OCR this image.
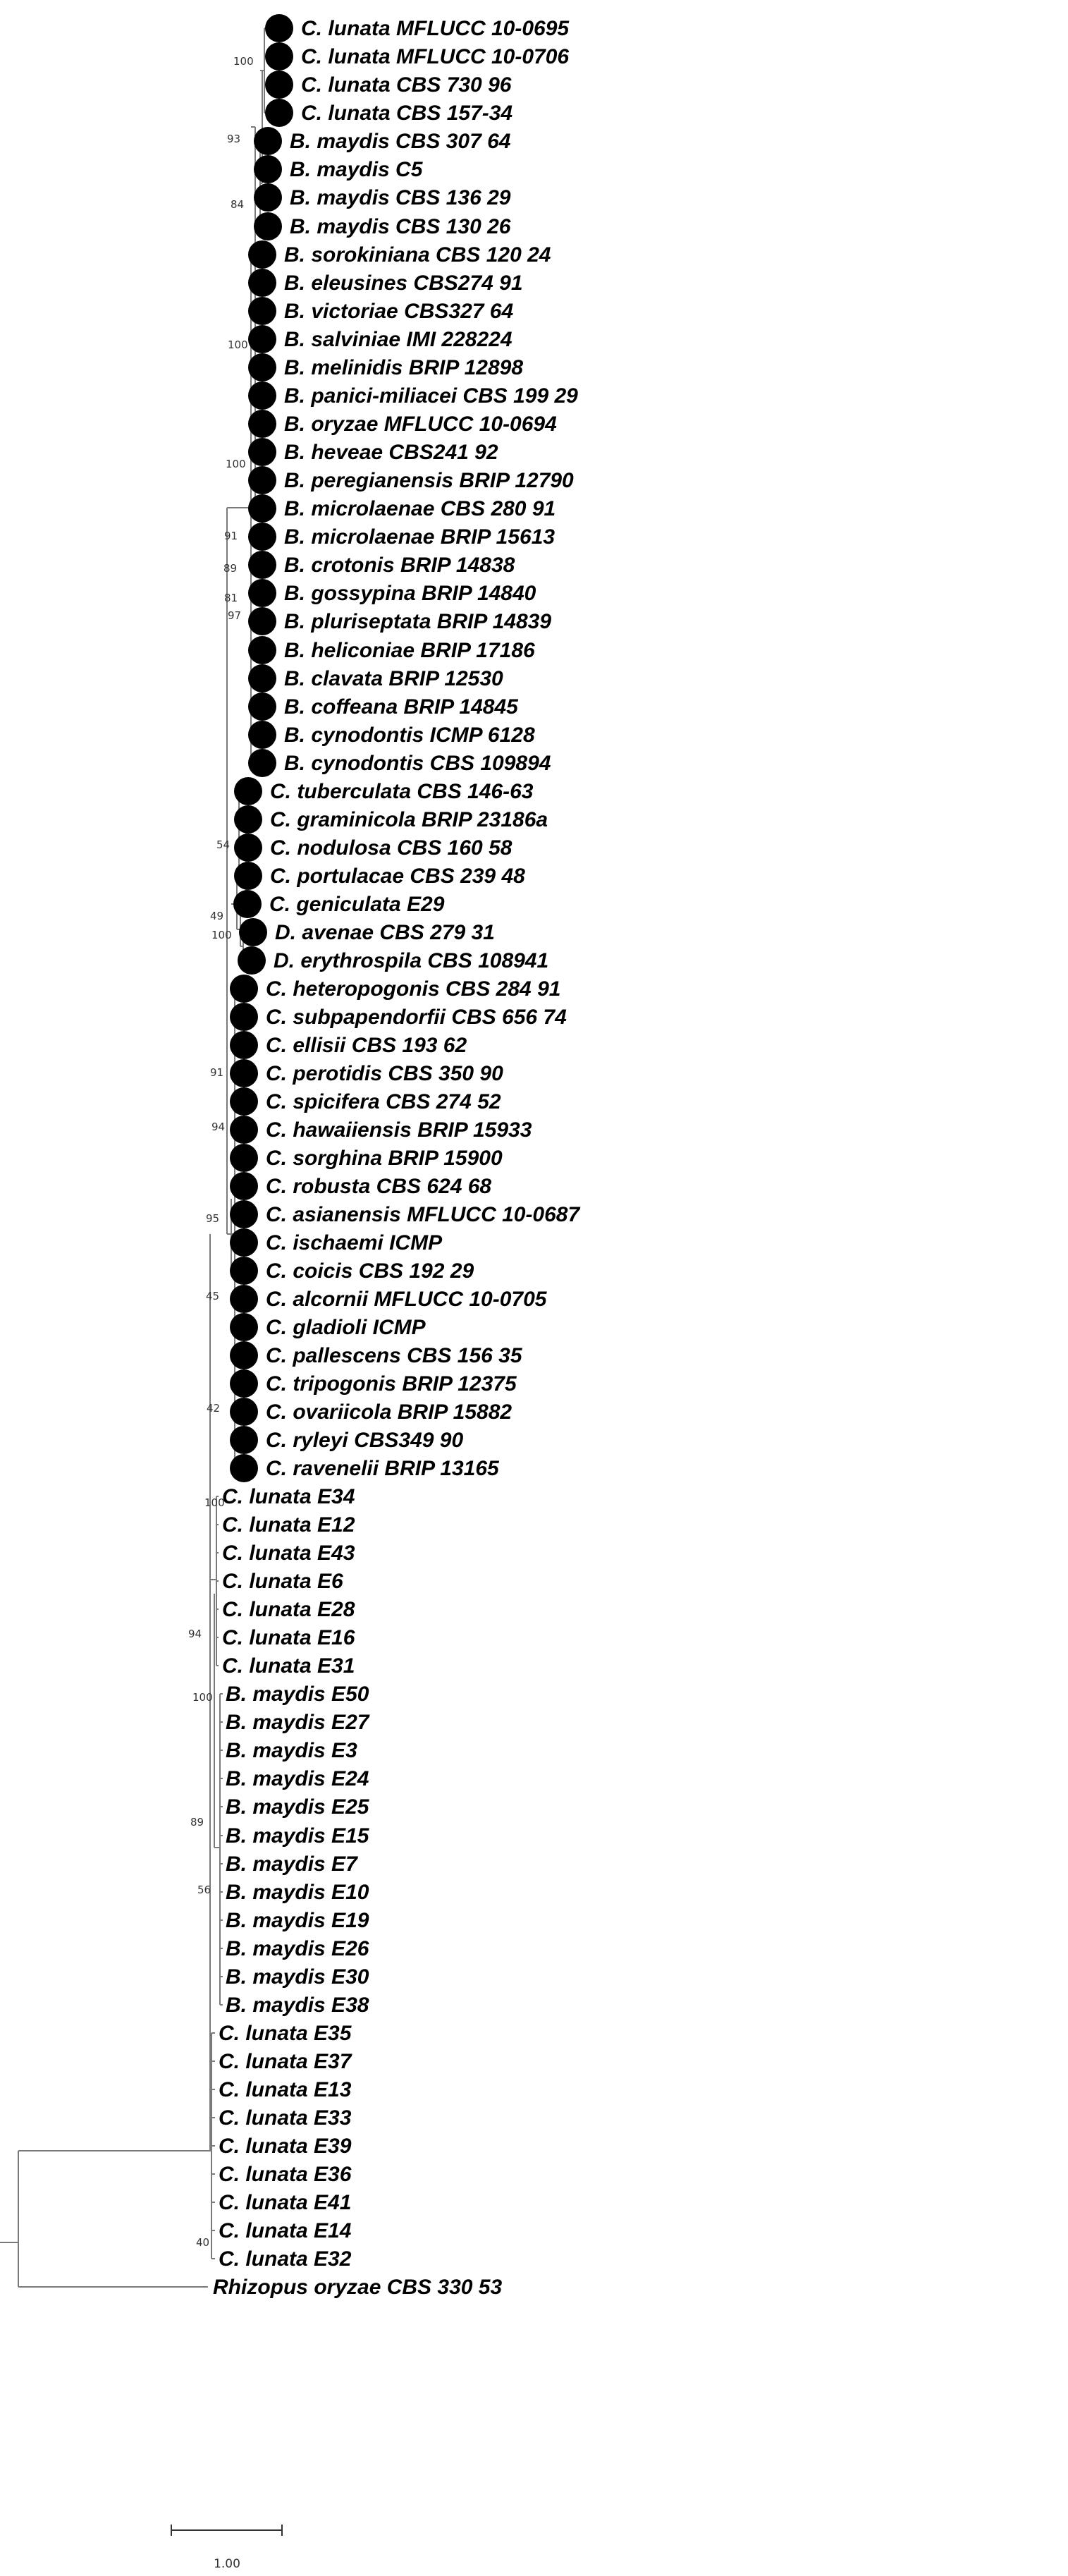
C. lunata MFLUCC 10-0695
C. lunata MFLUCC 10-0706
C. lunata CBS 730 96
C. lunata CBS 157-34
B. maydis CBS 307 64
B. maydis C5
B. maydis CBS 136 29
B. maydis CBS 130 26
B. sorokiniana CBS 120 24
B. eleusines CBS274 91
B. victoriae CBS327 64
B. salviniae IMI 228224
B. melinidis BRIP 12898
B. panici-miliacei CBS 199 29
B. oryzae MFLUCC 10-0694
B. heveae CBS241 92
B. peregianensis BRIP 12790
B. microlaenae CBS 280 91
B. microlaenae BRIP 15613
B. crotonis BRIP 14838
B. gossypina BRIP 14840
B. pluriseptata BRIP 14839
B. heliconiae BRIP 17186
B. clavata BRIP 12530
B. coffeana BRIP 14845
B. cynodontis ICMP 6128
B. cynodontis CBS 109894
C. tuberculata CBS 146-63
C. graminicola BRIP 23186a
C. nodulosa CBS 160 58
C. portulacae CBS 239 48
C. geniculata E29
D. avenae CBS 279 31
D. erythrospila CBS 108941
C. heteropogonis CBS 284 91
C. subpapendorfii CBS 656 74
C. ellisii CBS 193 62
C. perotidis CBS 350 90
C. spicifera CBS 274 52
C. hawaiiensis BRIP 15933
C. sorghina BRIP 15900
C. robusta CBS 624 68
C. asianensis MFLUCC 10-0687
C. ischaemi ICMP
C. coicis CBS 192 29
C. alcornii MFLUCC 10-0705
C. gladioli ICMP
C. pallescens CBS 156 35
C. tripogonis BRIP 12375
C. ovariicola BRIP 15882
C. ryleyi CBS349 90
C. ravenelii BRIP 13165
C. lunata E34
C. lunata E12
C. lunata E43
C. lunata E6
C. lunata E28
C. lunata E16
C. lunata E31
B. maydis E50
B. maydis E27
B. maydis E3
B. maydis E24
B. maydis E25
B. maydis E15
B. maydis E7
B. maydis E10
B. maydis E19
B. maydis E26
B. maydis E30
B. maydis E38
C. lunata E35
C. lunata E37
C. lunata E13
C. lunata E33
C. lunata E39
C. lunata E36
C. lunata E41
C. lunata E14
C. lunata E32
Rhizopus oryzae CBS 330 53
100
93
84
100
100
91
89
81
97
54
49
100
91
94
95
45
42
100
94
100
89
56
40
1.00
